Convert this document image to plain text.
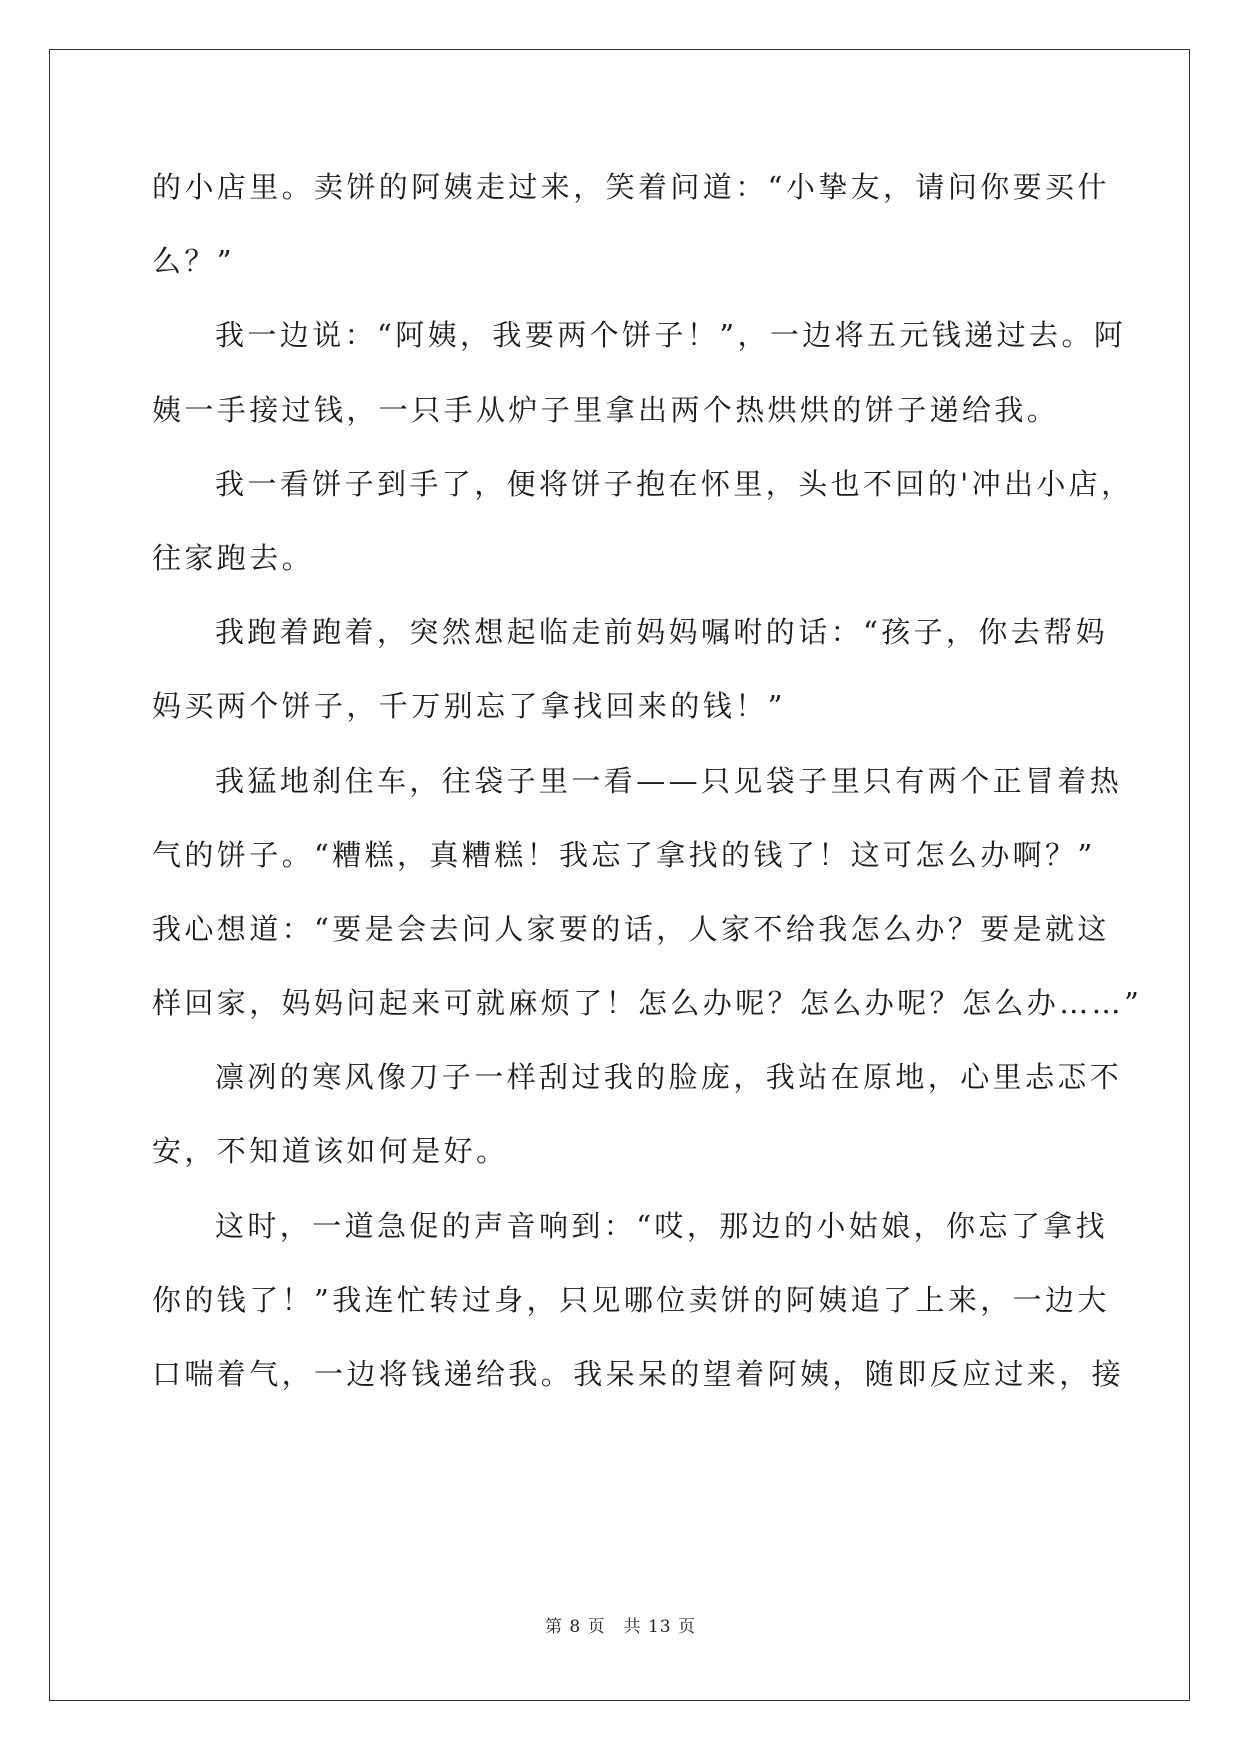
的小店里。卖饼的阿姨走过来，笑着问道：“小挚友，请问你要买什
么？”
我一边说：“阿姨，我要两个饼子！”，一边将五元钱递过去。阿
姨一手接过钱，一只手从炉子里拿出两个热烘烘的饼子递给我。
我一看饼子到手了，便将饼子抱在怀里，头也不回的'冲出小店，
往家跑去。
我跑着跑着，突然想起临走前妈妈嘱咐的话：“孩子，你去帮妈
妈买两个饼子，千万别忘了拿找回来的钱！”
我猛地刹住车，往袋子里一看——只见袋子里只有两个正冒着热
气的饼子。“糟糕，真糟糕！我忘了拿找的钱了！这可怎么办啊？”
我心想道：“要是会去问人家要的话，人家不给我怎么办？要是就这
样回家，妈妈问起来可就麻烦了！怎么办呢？怎么办呢？怎么办……”
凛冽的寒风像刀子一样刮过我的脸庞，我站在原地，心里忐忑不
安，不知道该如何是好。
这时，一道急促的声音响到：“哎，那边的小姑娘，你忘了拿找
你的钱了！”我连忙转过身，只见哪位卖饼的阿姨追了上来，一边大
口喘着气，一边将钱递给我。我呆呆的望着阿姨，随即反应过来，接
第 8 页　共 13 页
